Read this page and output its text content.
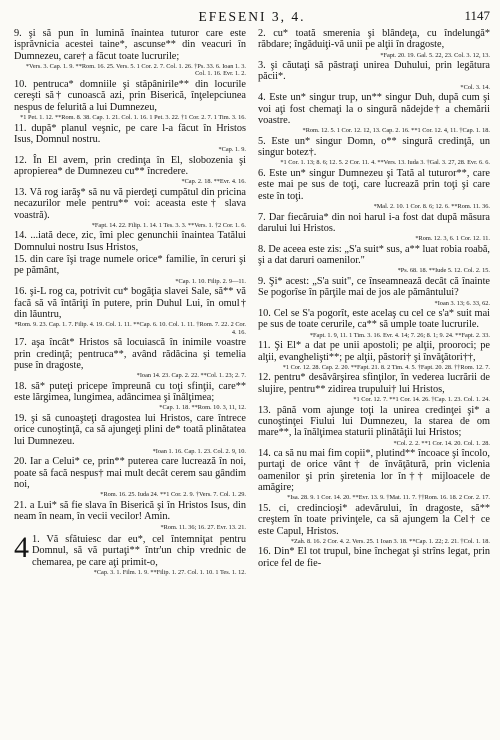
EFESENI 3, 4.	1147

9. şi să pun în lumină înaintea tuturor care este isprăvnicia acestei taine*, ascunse** din veacuri în Dumnezeu, care† a făcut toate lucrurile;

*Vers. 3. Cap. 1. 9. **Rom. 16. 25. Vers. 5. 1 Cor. 2. 7. Col. 1. 26. †Ps. 33. 6. Ioan 1. 3. Col. 1. 16. Evr. 1. 2.

10. pentrucа* domniile şi stăpânirile** din locurile cereşti să† cunoască azi, prin Biserică, înţelepciunea nespus de felurită a lui Dumnezeu,

*1 Pet. 1. 12. **Rom. 8. 38. Cap. 1. 21. Col. 1. 16. 1 Pet. 3. 22. †1 Cor. 2. 7. 1 Tim. 3. 16.

11. după* planul veşnic, pe care l-a făcut în Hristos Isus, Domnul nostru.

*Cap. 1. 9.

12. În El avem, prin credinţa în El, slobozenia şi apropierea* de Dumnezeu cu** încredere.

*Cap. 2. 18. **Evr. 4. 16.

13. Vă rog iarăş* să nu vă pierdeţi cumpătul din pricina necazurilor mele pentru** voi: aceasta este† slava voastră).

*Fapt. 14. 22. Filip. 1. 14. 1 Tes. 3. 3. **Vers. 1. †2 Cor. 1. 6.

14. ...iată dece, zic, îmi plec genunchii înaintea Tatălui Domnului nostru Isus Hristos,

15. din care îşi trage numele orice* familie, în ceruri şi pe pământ,

*Cap. 1. 10. Filip. 2. 9—11.

16. şi-L rog ca, potrivit cu* bogăţia slavei Sale, să** vă facă să vă întăriţi în putere, prin Duhul Lui, în omul† din lăuntru,

*Rom. 9. 23. Cap. 1. 7. Filip. 4. 19. Col. 1. 11. **Cap. 6. 10. Col. 1. 11. †Rom. 7. 22. 2 Cor. 4. 16.

17. aşa încât* Hristos să locuiască în inimile voastre prin credinţă; pentruca**, având rădăcina şi temelia puse în dragoste,

*Ioan 14. 23. Cap. 2. 22. **Col. 1. 23; 2. 7.

18. să* puteţi pricepe împreună cu toţi sfinţii, care** este lărgimea, lungimea, adâncimea şi înălţimea;

*Cap. 1. 18. **Rom. 10. 3, 11, 12.

19. şi să cunoaşteţi dragostea lui Hristos, care întrece orice cunoştinţă, ca să ajungeţi plini de* toată plinătatea lui Dumnezeu.

*Ioan 1. 16. Cap. 1. 23. Col. 2. 9, 10.

20. Iar a Celui* ce, prin** puterea care lucrează în noi, poate să facă nespus† mai mult decât cerem sau gândim noi,

*Rom. 16. 25. Iuda 24. **1 Cor. 2. 9. †Vers. 7. Col. 1. 29.

21. a Lui* să fie slava în Biserică şi în Hristos Isus, din neam în neam, în vecii vecilor! Amin.

*Rom. 11. 36; 16. 27. Evr. 13. 21.

4 1. Vă sfătuiesc dar eu*, cel întemniţat pentru Domnul, să vă purtaţi** într'un chip vrednic de chemarea, pe care aţi primit-o,

*Cap. 3. 1. Film. 1. 9. **Filip. 1. 27. Col. 1. 10. 1 Tes. 1. 12.

2. cu* toată smerenia şi blândeţa, cu îndelungă* răbdare; îngăduiţi-vă unii pe alţii în dragoste,

*Fapt. 20. 19. Gal. 5. 22, 23. Col. 3. 12, 13.

3. şi căutaţi să păstraţi unirea Duhului, prin legătura păcii*.

*Col. 3. 14.

4. Este un* singur trup, un** singur Duh, după cum şi voi aţi fost chemaţi la o singură nădejde† a chemării voastre.

*Rom. 12. 5. 1 Cor. 12. 12, 13. Cap. 2. 16. **1 Cor. 12. 4, 11. †Cap. 1. 18.

5. Este un* singur Domn, o** singură credinţă, un singur botez†.

*1 Cor. 1. 13; 8. 6; 12. 5. 2 Cor. 11. 4. **Vers. 13. Iuda 3. †Gal. 3. 27, 28. Evr. 6. 6.

6. Este un* singur Dumnezeu şi Tată al tuturor**, care este mai pe sus de toţi, care lucrează prin toţi şi care este în toţi.

*Mal. 2. 10. 1 Cor. 8. 6; 12. 6. **Rom. 11. 36.

7. Dar fiecăruia* din noi harul i-a fost dat după măsura darului lui Hristos.

*Rom. 12. 3, 6. 1 Cor. 12. 11.

8. De aceea este zis: „S'a suit* sus, a** luat robia roabă, şi a dat daruri oamenilor."

*Ps. 68. 18. **Iude 5. 12. Col. 2. 15.

9. Şi* acest: „S'a suit", ce înseamnează decât că înainte Se pogorîse în părţile mai de jos ale pământului?

*Ioan 3. 13; 6. 33, 62.

10. Cel se S'a pogorît, este acelaş cu cel ce s'a* suit mai pe sus de toate cerurile, ca** să umple toate lucrurile.

*Fapt. 1. 9, 11. 1 Tim. 3. 16. Evr. 4. 14; 7. 26; 8. 1; 9. 24. **Fapt. 2. 33.

11. Şi El* a dat pe unii apostoli; pe alţii, prooroci; pe alţii, evanghelişti**; pe alţii, păstori† şi învăţători††,

*1 Cor. 12. 28. Cap. 2. 20. **Fapt. 21. 8. 2 Tim. 4. 5. †Fapt. 20. 28. ††Rom. 12. 7.

12. pentru* desăvârşirea sfinţilor, în vederea lucrării de slujire, pentru** zidirea trupului† lui Hristos,

*1 Cor. 12. 7. **1 Cor. 14. 26. †Cap. 1. 23. Col. 1. 24.

13. până vom ajunge toţi la unirea credinţei şi* a cunoştinţei Fiului lui Dumnezeu, la starea de om mare**, la înălţimea staturii plinătăţii lui Hristos;

*Col. 2. 2. **1 Cor. 14. 20. Col. 1. 28.

14. ca să nu mai fim copii*, plutind** încoace şi încolo, purtaţi de orice vânt† de învăţătură, prin viclenia oamenilor şi prin şiretenia lor în†† mijloacele de amăgire;

*Isa. 28. 9. 1 Cor. 14. 20. **Evr. 13. 9. †Mat. 11. 7. ††Rom. 16. 18. 2 Cor. 2. 17.

15. ci, credincioşi* adevărului, în dragoste, să** creştem în toate privinţele, ca să ajungem la Cel† ce este Capul, Hristos.

*Zah. 8. 16. 2 Cor. 4. 2. Vers. 25. 1 Ioan 3. 18. **Cap. 1. 22; 2. 21. †Col. 1. 18.

16. Din* El tot trupul, bine închegat şi strîns legat, prin orice fel de fie-
